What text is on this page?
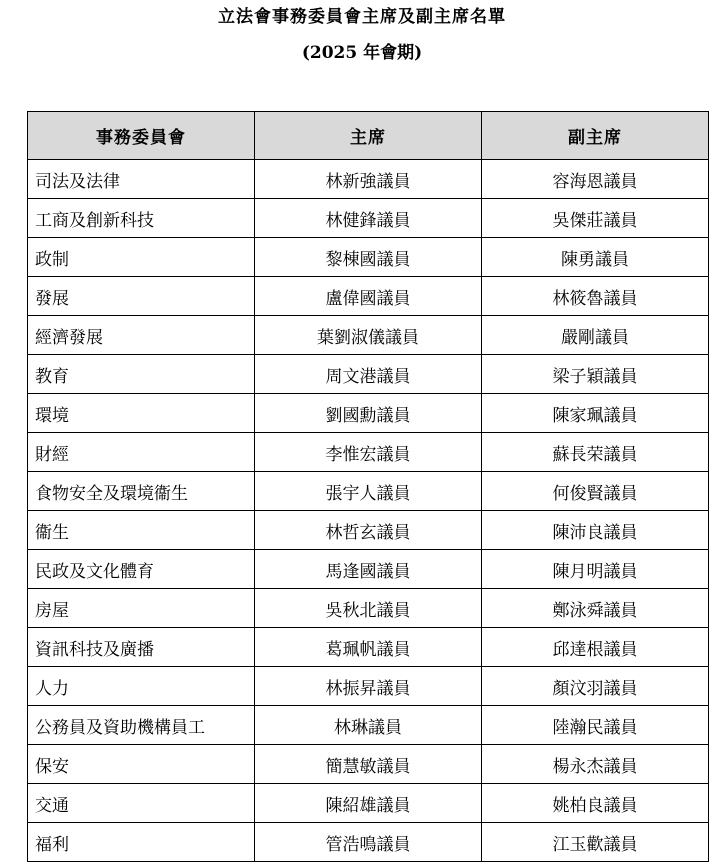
立法會事務委員會主席及副主席名單
(2025 年會期)
事務委員會	主席	副主席
司法及法律	林新強議員	容海恩議員
工商及創新科技	林健鋒議員	吳傑莊議員
政制	黎棟國議員	陳勇議員
發展	盧偉國議員	林筱魯議員
經濟發展	葉劉淑儀議員	嚴剛議員
教育	周文港議員	梁子穎議員
環境	劉國勳議員	陳家珮議員
財經	李惟宏議員	蘇長荣議員
食物安全及環境衞生	張宇人議員	何俊賢議員
衞生	林哲玄議員	陳沛良議員
民政及文化體育	馬逢國議員	陳月明議員
房屋	吳秋北議員	鄭泳舜議員
資訊科技及廣播	葛珮帆議員	邱達根議員
人力	林振昇議員	顏汶羽議員
公務員及資助機構員工	林琳議員	陸瀚民議員
保安	簡慧敏議員	楊永杰議員
交通	陳紹雄議員	姚柏良議員
福利	管浩鳴議員	江玉歡議員
